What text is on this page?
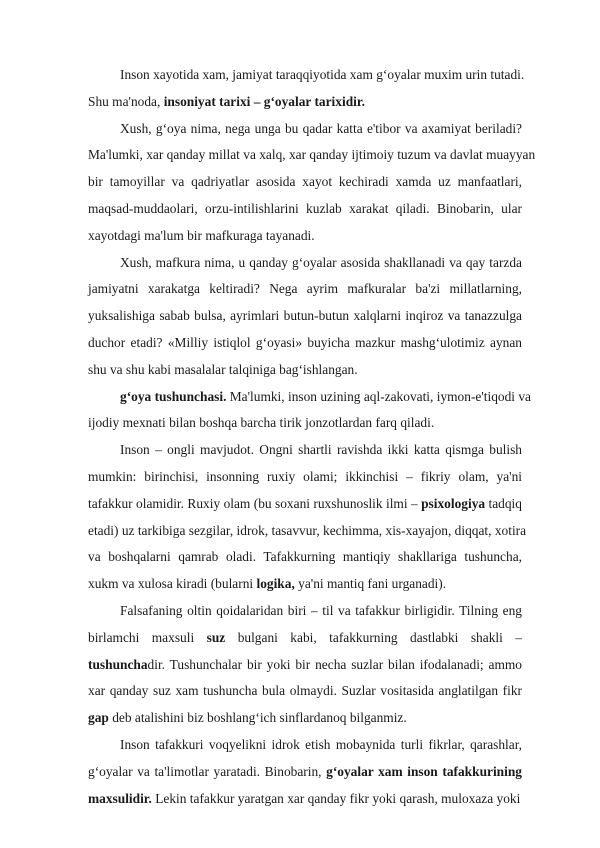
Inson xayotida xam, jamiyat taraqqiyotida xam g‘oyalar muxim urin tutadi.
Shu ma'noda, insoniyat tarixi – g‘oyalar tarixidir.
Xush, g‘oya nima, nega unga bu qadar katta e'tibor va axamiyat beriladi?
Ma'lumki, xar qanday millat va xalq, xar qanday ijtimoiy tuzum va davlat muayyan
bir tamoyillar va qadriyatlar asosida xayot kechiradi xamda uz manfaatlari,
maqsad-muddaolari, orzu-intilishlarini kuzlab xarakat qiladi. Binobarin, ular
xayotdagi ma'lum bir mafkuraga tayanadi.
Xush, mafkura nima, u qanday g‘oyalar asosida shakllanadi va qay tarzda
jamiyatni xarakatga keltiradi? Nega ayrim mafkuralar ba'zi millatlarning,
yuksalishiga sabab bulsa, ayrimlari butun-butun xalqlarni inqiroz va tanazzulga
duchor etadi? «Milliy istiqlol g‘oyasi» buyicha mazkur mashg‘ulotimiz aynan
shu va shu kabi masalalar talqiniga bag‘ishlangan.
g‘oya tushunchasi. Ma'lumki, inson uzining aql-zakovati, iymon-e'tiqodi va
ijodiy mexnati bilan boshqa barcha tirik jonzotlardan farq qiladi.
Inson – ongli mavjudot. Ongni shartli ravishda ikki katta qismga bulish
mumkin: birinchisi, insonning ruxiy olami; ikkinchisi – fikriy olam, ya'ni
tafakkur olamidir. Ruxiy olam (bu soxani ruxshunoslik ilmi – psixologiya tadqiq
etadi) uz tarkibiga sezgilar, idrok, tasavvur, kechimma, xis-xayajon, diqqat, xotira
va boshqalarni qamrab oladi. Tafakkurning mantiqiy shakllariga tushuncha,
xukm va xulosa kiradi (bularni logika, ya'ni mantiq fani urganadi).
Falsafaning oltin qoidalaridan biri – til va tafakkur birligidir. Tilning eng
birlamchi maxsuli suz bulgani kabi, tafakkurning dastlabki shakli –
tushunchadir. Tushunchalar bir yoki bir necha suzlar bilan ifodalanadi; ammo
xar qanday suz xam tushuncha bula olmaydi. Suzlar vositasida anglatilgan fikr
gap deb atalishini biz boshlang‘ich sinflardanoq bilganmiz.
Inson tafakkuri voqyelikni idrok etish mobaynida turli fikrlar, qarashlar,
g‘oyalar va ta'limotlar yaratadi. Binobarin, g‘oyalar xam inson tafakkurining
maxsulidir. Lekin tafakkur yaratgan xar qanday fikr yoki qarash, muloxaza yoki
